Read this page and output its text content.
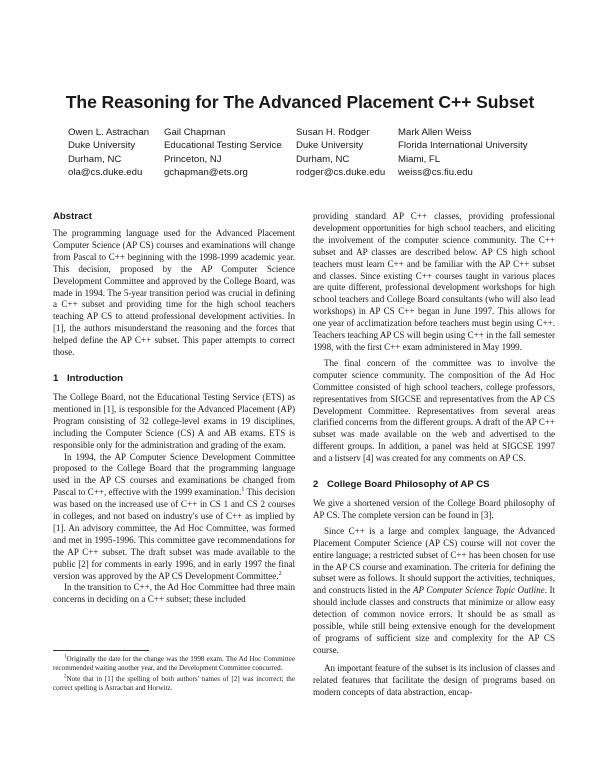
The Reasoning for The Advanced Placement C++ Subset
Owen L. Astrachan
Duke University
Durham, NC
ola@cs.duke.edu
Gail Chapman
Educational Testing Service
Princeton, NJ
gchapman@ets.org
Susan H. Rodger
Duke University
Durham, NC
rodger@cs.duke.edu
Mark Allen Weiss
Florida International University
Miami, FL
weiss@cs.fiu.edu
Abstract

The programming language used for the Advanced Placement Computer Science (AP CS) courses and examinations will change from Pascal to C++ beginning with the 1998-1999 academic year. This decision, proposed by the AP Computer Science Development Committee and approved by the College Board, was made in 1994. The 5-year transition period was crucial in defining a C++ subset and providing time for the high school teachers teaching AP CS to attend professional development activities. In [1], the authors misunderstand the reasoning and the forces that helped define the AP C++ subset. This paper attempts to correct those.

1 Introduction

The College Board, not the Educational Testing Service (ETS) as mentioned in [1], is responsible for the Advanced Placement (AP) Program consisting of 32 college-level exams in 19 disciplines, including the Computer Science (CS) A and AB exams. ETS is responsible only for the administration and grading of the exam.

In 1994, the AP Computer Science Development Committee proposed to the College Board that the programming language used in the AP CS courses and examinations be changed from Pascal to C++, effective with the 1999 examination.$^1$ This decision was based on the increased use of C++ in CS 1 and CS 2 courses in colleges, and not based on industry's use of C++ as implied by [1]. An advisory committee, the Ad Hoc Committee, was formed and met in 1995-1996. This committee gave recommendations for the AP C++ subset. The draft subset was made available to the public [2] for comments in early 1996, and in early 1997 the final version was approved by the AP CS Development Committee.$^2$

In the transition to C++, the Ad Hoc Committee had three main concerns in deciding on a C++ subset; these included

$^1$Originally the date for the change was the 1998 exam. The Ad Hoc Committee recommended waiting another year, and the Development Committee concurred.

$^2$Note that in [1] the spelling of both authors' names of [2] was incorrect; the correct spelling is Astrachan and Horwitz.

providing standard AP C++ classes, providing professional development opportunities for high school teachers, and eliciting the involvement of the computer science community. The C++ subset and AP classes are described below. AP CS high school teachers must learn C++ and be familiar with the AP C++ subset and classes. Since existing C++ courses taught in various places are quite different, professional development workshops for high school teachers and College Board consultants (who will also lead workshops) in AP CS C++ began in June 1997. This allows for one year of acclimatization before teachers must begin using C++. Teachers teaching AP CS will begin using C++ in the fall semester 1998, with the first C++ exam administered in May 1999.

The final concern of the committee was to involve the computer science community. The composition of the Ad Hoc Committee consisted of high school teachers, college professors, representatives from SIGCSE and representatives from the AP CS Development Committee. Representatives from several areas clarified concerns from the different groups. A draft of the AP C++ subset was made available on the web and advertised to the different groups. In addition, a panel was held at SIGCSE 1997 and a listserv [4] was created for any comments on AP CS.

2 College Board Philosophy of AP CS

We give a shortened version of the College Board philosophy of AP CS. The complete version can be found in [3].

Since C++ is a large and complex language, the Advanced Placement Computer Science (AP CS) course will not cover the entire language; a restricted subset of C++ has been chosen for use in the AP CS course and examination. The criteria for defining the subset were as follows. It should support the activities, techniques, and constructs listed in the AP Computer Science Topic Outline. It should include classes and constructs that minimize or allow easy detection of common novice errors. It should be as small as possible, while still being extensive enough for the development of programs of sufficient size and complexity for the AP CS course.

An important feature of the subset is its inclusion of classes and related features that facilitate the design of programs based on modern concepts of data abstraction, encap-
